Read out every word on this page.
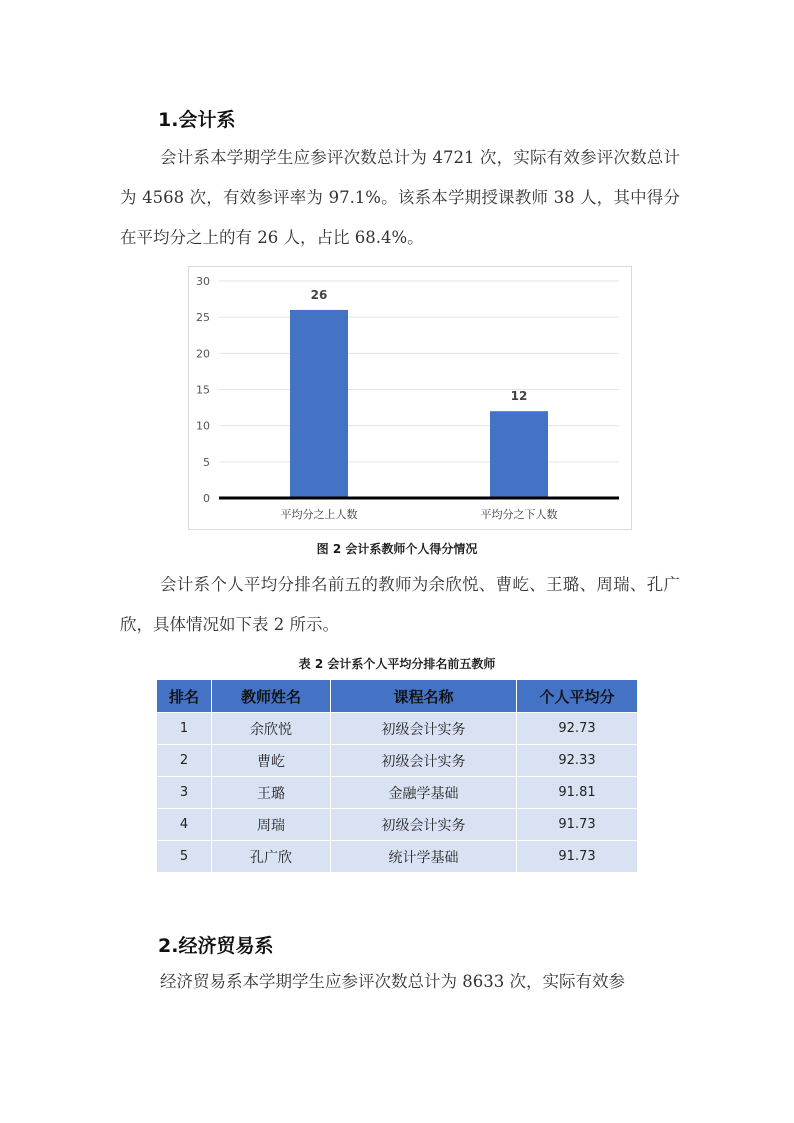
1.会计系

会计系本学期学生应参评次数总计为 4721 次，实际有效参评次数总计为 4568 次，有效参评率为 97.1%。该系本学期授课教师 38 人，其中得分在平均分之上的有 26 人，占比 68.4%。

0
5
10
15
20
25
30
26
平均分之上人数
12
平均分之下人数
图 2 会计系教师个人得分情况

会计系个人平均分排名前五的教师为余欣悦、曹屹、王璐、周瑞、孔广欣，具体情况如下表 2 所示。

表 2 会计系个人平均分排名前五教师
排名	教师姓名	课程名称	个人平均分
1	余欣悦	初级会计实务	92.73
2	曹屹	初级会计实务	92.33
3	王璐	金融学基础	91.81
4	周瑞	初级会计实务	91.73
5	孔广欣	统计学基础	91.73
2.经济贸易系

经济贸易系本学期学生应参评次数总计为 8633 次，实际有效参
